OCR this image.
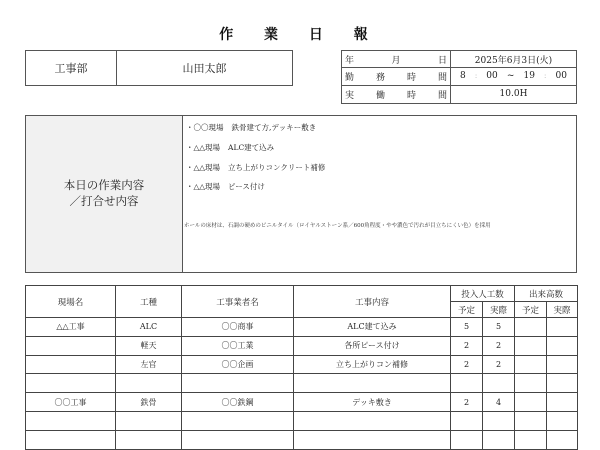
作 業 日 報
工事部	山田太郎
年	月	日	2025年6月3日(火)
勤 務 時 間 8 : 00 ~ 19 : 00
実 働 時 間	10.0H
本日の作業内容
／打合せ内容
・〇〇現場 鉄骨建て方,デッキー敷き
・△△現場 ALC建て込み
・△△現場 立ち上がりコンクリート補修
・△△現場 ピース付け
ホールの床材は、石調の硬めのビニルタイル（ロイヤルストーン系／600角程度・やや濃色で汚れが目立ちにくい色）を採用
現場名	工種	工事業者名	工事内容	投入人工数		出来高数	
				予定	実際	予定	実際
△△工事	ALC	〇〇商事	ALC建て込み	5	5		
	軽天	〇〇工業	各所ピース付け	2	2		
	左官	〇〇企画	立ち上がりコン補修	2	2		

〇〇工事	鉄骨	〇〇鉄鋼	デッキ敷き	2	4		
